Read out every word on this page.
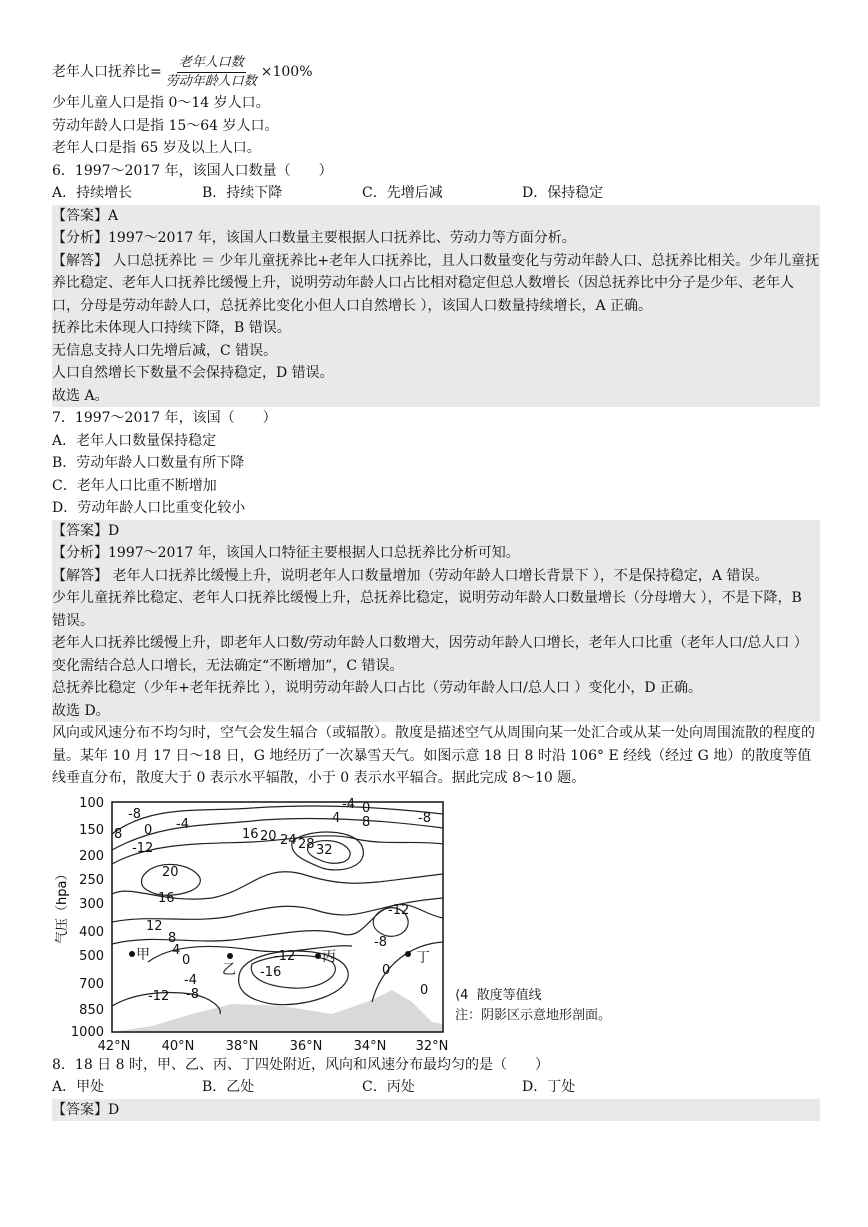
老年人口抚养比= $\frac{\text{老年人口数}}{\text{劳动年龄人口数}} \times 100\%$
少年儿童人口是指 0～14 岁人口。
劳动年龄人口是指 15～64 岁人口。
老年人口是指 65 岁及以上人口。
6．1997～2017 年，该国人口数量（　　）
A．持续增长	B．持续下降	C．先增后减	D．保持稳定
【答案】A
【分析】1997～2017 年，该国人口数量主要根据人口抚养比、劳动力等方面分析。
【解答】 人口总抚养比 ＝ 少年儿童抚养比+老年人口抚养比，且人口数量变化与劳动年龄人口、总抚养比相关。少年儿童抚养比稳定、老年人口抚养比缓慢上升，说明劳动年龄人口占比相对稳定但总人数增长（因总抚养比中分子是少年、老年人口，分母是劳动年龄人口，总抚养比变化小但人口自然增长 ），该国人口数量持续增长，A 正确。
抚养比未体现人口持续下降，B 错误。
无信息支持人口先增后减，C 错误。
人口自然增长下数量不会保持稳定，D 错误。
故选 A。
7．1997～2017 年，该国（　　）
A．老年人口数量保持稳定
B．劳动年龄人口数量有所下降
C．老年人口比重不断增加
D．劳动年龄人口比重变化较小
【答案】D
【分析】1997～2017 年，该国人口特征主要根据人口总抚养比分析可知。
【解答】 老年人口抚养比缓慢上升，说明老年人口数量增加（劳动年龄人口增长背景下 ），不是保持稳定，A 错误。
少年儿童抚养比稳定、老年人口抚养比缓慢上升，总抚养比稳定，说明劳动年龄人口数量增长（分母增大 ），不是下降，B 错误。
老年人口抚养比缓慢上升，即老年人口数/劳动年龄人口数增大，因劳动年龄人口增长，老年人口比重（老年人口/总人口 ）变化需结合总人口增长，无法确定“不断增加”，C 错误。
总抚养比稳定（少年+老年抚养比 ），说明劳动年龄人口占比（劳动年龄人口/总人口 ）变化小，D 正确。
故选 D。
风向或风速分布不均匀时，空气会发生辐合（或辐散）。散度是描述空气从周围向某一处汇合或从某一处向周围流散的程度的量。某年 10 月 17 日～18 日，G 地经历了一次暴雪天气。如图示意 18 日 8 时沿 106° E 经线（经过 G 地）的散度等值线垂直分布，散度大于 0 表示水平辐散，小于 0 表示水平辐合。据此完成 8～10 题。
100
150
200
250
300
400
500
700
850
1000
气压（hpa）
42°N 40°N 38°N 36°N 34°N 32°N
-8
-4
0
4
-4 0
8	-8
8
-12
16 20 24 28 32
20
16
12
8
4
0
-4
-12 -8
-12
-16
-12
-8
0
0
甲
乙
丙	丁
⟨4 散度等值线
注：阴影区示意地形剖面。
8．18 日 8 时，甲、乙、丙、丁四处附近，风向和风速分布最均匀的是（　　）
A．甲处	B．乙处	C．丙处	D．丁处
【答案】D
